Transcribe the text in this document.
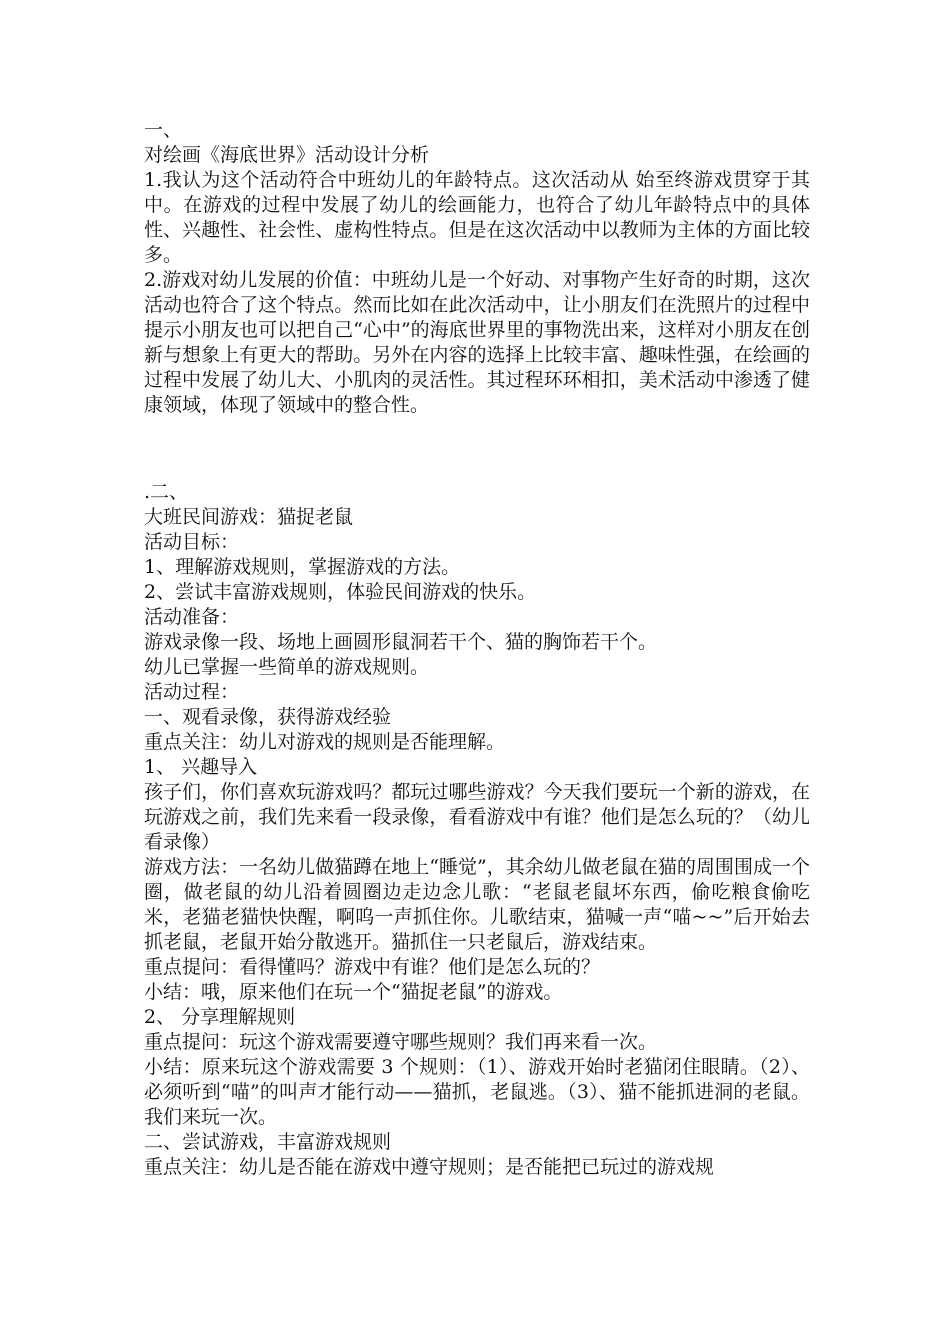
一、

对绘画《海底世界》活动设计分析

1.我认为这个活动符合中班幼儿的年龄特点。这次活动从 始至终游戏贯穿于其中。在游戏的过程中发展了幼儿的绘画能力，也符合了幼儿年龄特点中的具体性、兴趣性、社会性、虚构性特点。但是在这次活动中以教师为主体的方面比较多。

2.游戏对幼儿发展的价值：中班幼儿是一个好动、对事物产生好奇的时期，这次活动也符合了这个特点。然而比如在此次活动中，让小朋友们在洗照片的过程中提示小朋友也可以把自己“心中”的海底世界里的事物洗出来，这样对小朋友在创新与想象上有更大的帮助。另外在内容的选择上比较丰富、趣味性强，在绘画的过程中发展了幼儿大、小肌肉的灵活性。其过程环环相扣，美术活动中渗透了健康领域，体现了领域中的整合性。

.二、

大班民间游戏：猫捉老鼠

活动目标：

1、理解游戏规则，掌握游戏的方法。

2、尝试丰富游戏规则，体验民间游戏的快乐。

活动准备：

游戏录像一段、场地上画圆形鼠洞若干个、猫的胸饰若干个。

幼儿已掌握一些简单的游戏规则。

活动过程：

一、观看录像，获得游戏经验

重点关注：幼儿对游戏的规则是否能理解。

1、 兴趣导入

孩子们，你们喜欢玩游戏吗？都玩过哪些游戏？今天我们要玩一个新的游戏，在玩游戏之前，我们先来看一段录像，看看游戏中有谁？他们是怎么玩的？（幼儿看录像）

游戏方法：一名幼儿做猫蹲在地上“睡觉”，其余幼儿做老鼠在猫的周围围成一个圈，做老鼠的幼儿沿着圆圈边走边念儿歌：“老鼠老鼠坏东西，偷吃粮食偷吃米，老猫老猫快快醒，啊呜一声抓住你。儿歌结束，猫喊一声“喵~~”后开始去抓老鼠，老鼠开始分散逃开。猫抓住一只老鼠后，游戏结束。

重点提问：看得懂吗？游戏中有谁？他们是怎么玩的？

小结：哦，原来他们在玩一个“猫捉老鼠”的游戏。

2、 分享理解规则

重点提问：玩这个游戏需要遵守哪些规则？我们再来看一次。

小结：原来玩这个游戏需要 3 个规则：（1）、游戏开始时老猫闭住眼睛。（2）、必须听到“喵”的叫声才能行动——猫抓，老鼠逃。（3）、猫不能抓进洞的老鼠。我们来玩一次。

二、尝试游戏，丰富游戏规则

重点关注：幼儿是否能在游戏中遵守规则；是否能把已玩过的游戏规
